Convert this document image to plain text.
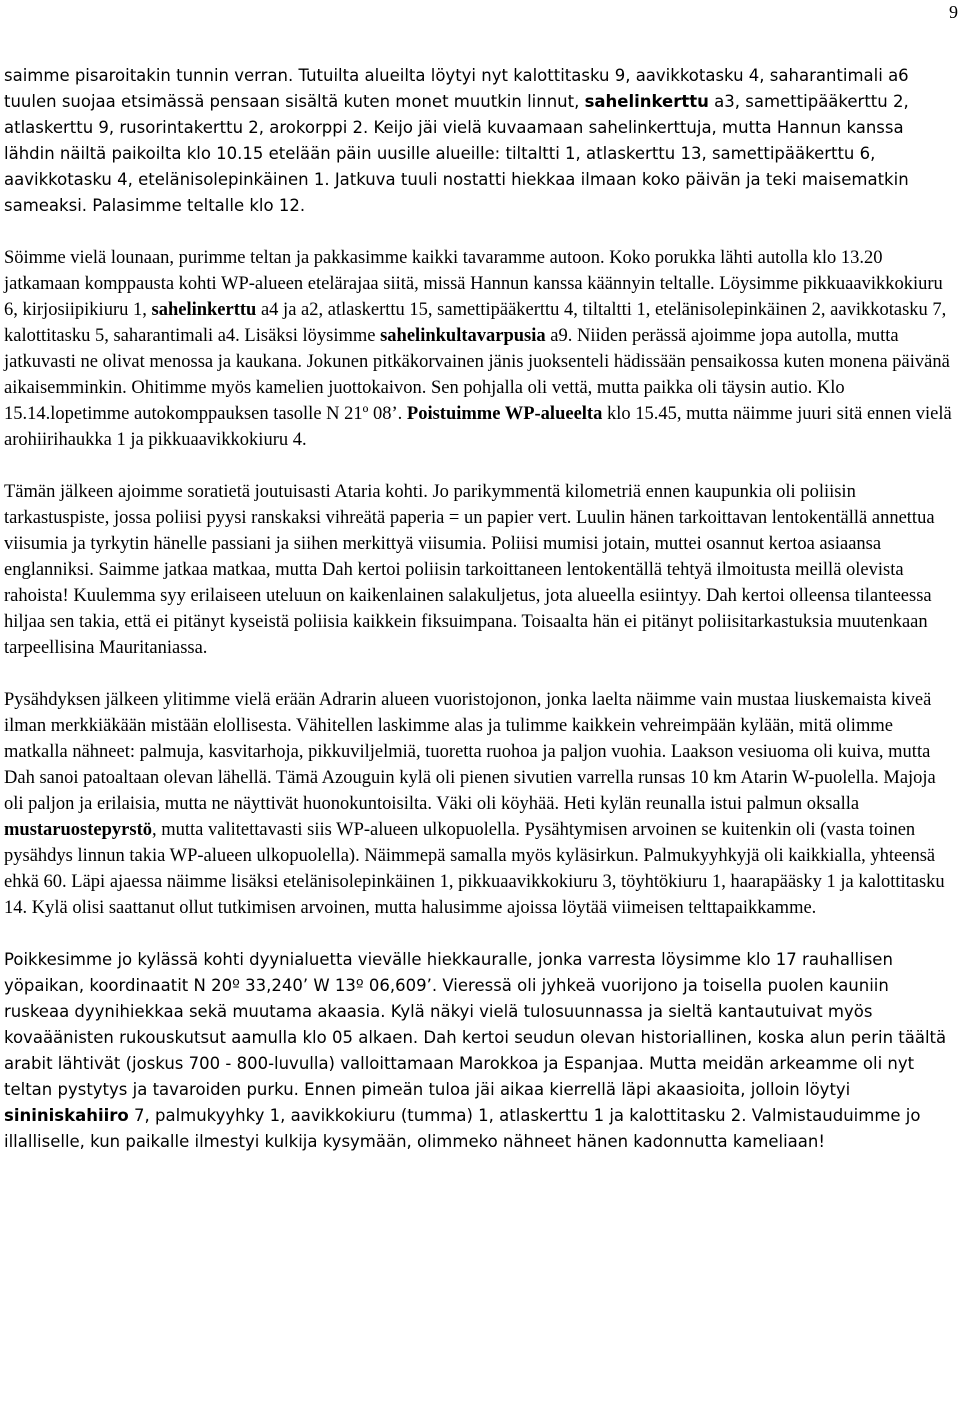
9

saimme pisaroitakin tunnin verran. Tutuilta alueilta löytyi nyt kalottitasku 9, aavikkotasku 4, saharantimali a6 tuulen suojaa etsimässä pensaan sisältä kuten monet muutkin linnut, sahelinkerttu a3, samettipääkerttu 2, atlaskerttu 9, rusorintakerttu 2, arokorppi 2. Keijo jäi vielä kuvaamaan sahelinkerttuja, mutta Hannun kanssa lähdin näiltä paikoilta klo 10.15 etelään päin uusille alueille: tiltaltti 1, atlaskerttu 13, samettipääkerttu 6, aavikkotasku 4, etelänisolepinkäinen 1. Jatkuva tuuli nostatti hiekkaa ilmaan koko päivän ja teki maisematkin sameaksi. Palasimme teltalle klo 12.

Söimme vielä lounaan, purimme teltan ja pakkasimme kaikki tavaramme autoon. Koko porukka lähti autolla klo 13.20 jatkamaan komppausta kohti WP-alueen etelärajaa siitä, missä Hannun kanssa käännyin teltalle. Löysimme pikkuaavikkokiuru 6, kirjosiipikiuru 1, sahelinkerttu a4 ja a2, atlaskerttu 15, samettipääkerttu 4, tiltaltti 1, etelänisolepinkäinen 2, aavikkotasku 7, kalottitasku 5, saharantimali a4. Lisäksi löysimme sahelinkultavarpusia a9. Niiden perässä ajoimme jopa autolla, mutta jatkuvasti ne olivat menossa ja kaukana. Jokunen pitkäkorvainen jänis juoksenteli hädissään pensaikossa kuten monena päivänä aikaisemminkin. Ohitimme myös kamelien juottokaivon. Sen pohjalla oli vettä, mutta paikka oli täysin autio. Klo 15.14.lopetimme autokomppauksen tasolle N 21º 08’. Poistuimme WP-alueelta klo 15.45, mutta näimme juuri sitä ennen vielä arohiirihaukka 1 ja pikkuaavikkokiuru 4.

Tämän jälkeen ajoimme soratietä joutuisasti Ataria kohti. Jo parikymmentä kilometriä ennen kaupunkia oli poliisin tarkastuspiste, jossa poliisi pyysi ranskaksi vihreätä paperia = un papier vert. Luulin hänen tarkoittavan lentokentällä annettua viisumia ja tyrkytin hänelle passiani ja siihen merkittyä viisumia. Poliisi mumisi jotain, muttei osannut kertoa asiaansa englanniksi. Saimme jatkaa matkaa, mutta Dah kertoi poliisin tarkoittaneen lentokentällä tehtyä ilmoitusta meillä olevista rahoista! Kuulemma syy erilaiseen uteluun on kaikenlainen salakuljetus, jota alueella esiintyy. Dah kertoi olleensa tilanteessa hiljaa sen takia, että ei pitänyt kyseistä poliisia kaikkein fiksuimpana. Toisaalta hän ei pitänyt poliisitarkastuksia muutenkaan tarpeellisina Mauritaniassa.

Pysähdyksen jälkeen ylitimme vielä erään Adrarin alueen vuoristojonon, jonka laelta näimme vain mustaa liuskemaista kiveä ilman merkkiäkään mistään elollisesta. Vähitellen laskimme alas ja tulimme kaikkein vehreimpään kylään, mitä olimme matkalla nähneet: palmuja, kasvitarhoja, pikkuviljelmiä, tuoretta ruohoa ja paljon vuohia. Laakson vesiuoma oli kuiva, mutta Dah sanoi patoaltaan olevan lähellä. Tämä Azouguin kylä oli pienen sivutien varrella runsas 10 km Atarin W-puolella. Majoja oli paljon ja erilaisia, mutta ne näyttivät huonokuntoisilta. Väki oli köyhää. Heti kylän reunalla istui palmun oksalla mustaruostepyrstö, mutta valitettavasti siis WP-alueen ulkopuolella. Pysähtymisen arvoinen se kuitenkin oli (vasta toinen pysähdys linnun takia WP-alueen ulkopuolella). Näimmepä samalla myös kyläsirkun. Palmukyyhkyjä oli kaikkialla, yhteensä ehkä 60. Läpi ajaessa näimme lisäksi etelänisolepinkäinen 1, pikkuaavikkokiuru 3, töyhtökiuru 1, haarapääsky 1 ja kalottitasku 14. Kylä olisi saattanut ollut tutkimisen arvoinen, mutta halusimme ajoissa löytää viimeisen telttapaikkamme.

Poikkesimme jo kylässä kohti dyynialuetta vievälle hiekkauralle, jonka varresta löysimme klo 17 rauhallisen yöpaikan, koordinaatit N 20º 33,240’ W 13º 06,609’. Vieressä oli jyhkeä vuorijono ja toisella puolen kauniin ruskeaa dyynihiekkaa sekä muutama akaasia. Kylä näkyi vielä tulosuunnassa ja sieltä kantautuivat myös kovaäänisten rukouskutsut aamulla klo 05 alkaen. Dah kertoi seudun olevan historiallinen, koska alun perin täältä arabit lähtivät (joskus 700 - 800-luvulla) valloittamaan Marokkoa ja Espanjaa. Mutta meidän arkeamme oli nyt teltan pystytys ja tavaroiden purku. Ennen pimeän tuloa jäi aikaa kierrellä läpi akaasioita, jolloin löytyi sininiskahiiro 7, palmukyyhky 1, aavikkokiuru (tumma) 1, atlaskerttu 1 ja kalottitasku 2. Valmistauduimme jo illalliselle, kun paikalle ilmestyi kulkija kysymään, olimmeko nähneet hänen kadonnutta kameliaan!
